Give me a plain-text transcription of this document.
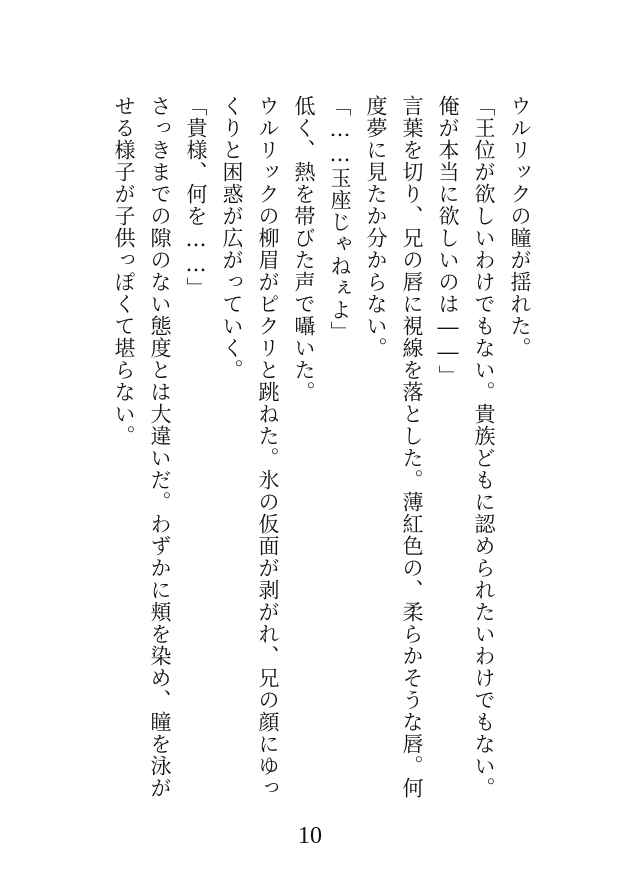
ウルリックの瞳が揺れた。
「王位が欲しいわけでもない。貴族どもに認められたいわけでもない。
俺が本当に欲しいのは――」
言葉を切り、兄の唇に視線を落とした。薄紅色の、柔らかそうな唇。何
度夢に見たか分からない。
「……玉座じゃねぇよ」
低く、熱を帯びた声で囁いた。
ウルリックの柳眉がピクリと跳ねた。氷の仮面が剥がれ、兄の顔にゆっ
くりと困惑が広がっていく。
「貴様、何を……」
さっきまでの隙のない態度とは大違いだ。わずかに頬を染め、瞳を泳が
せる様子が子供っぽくて堪らない。
10
